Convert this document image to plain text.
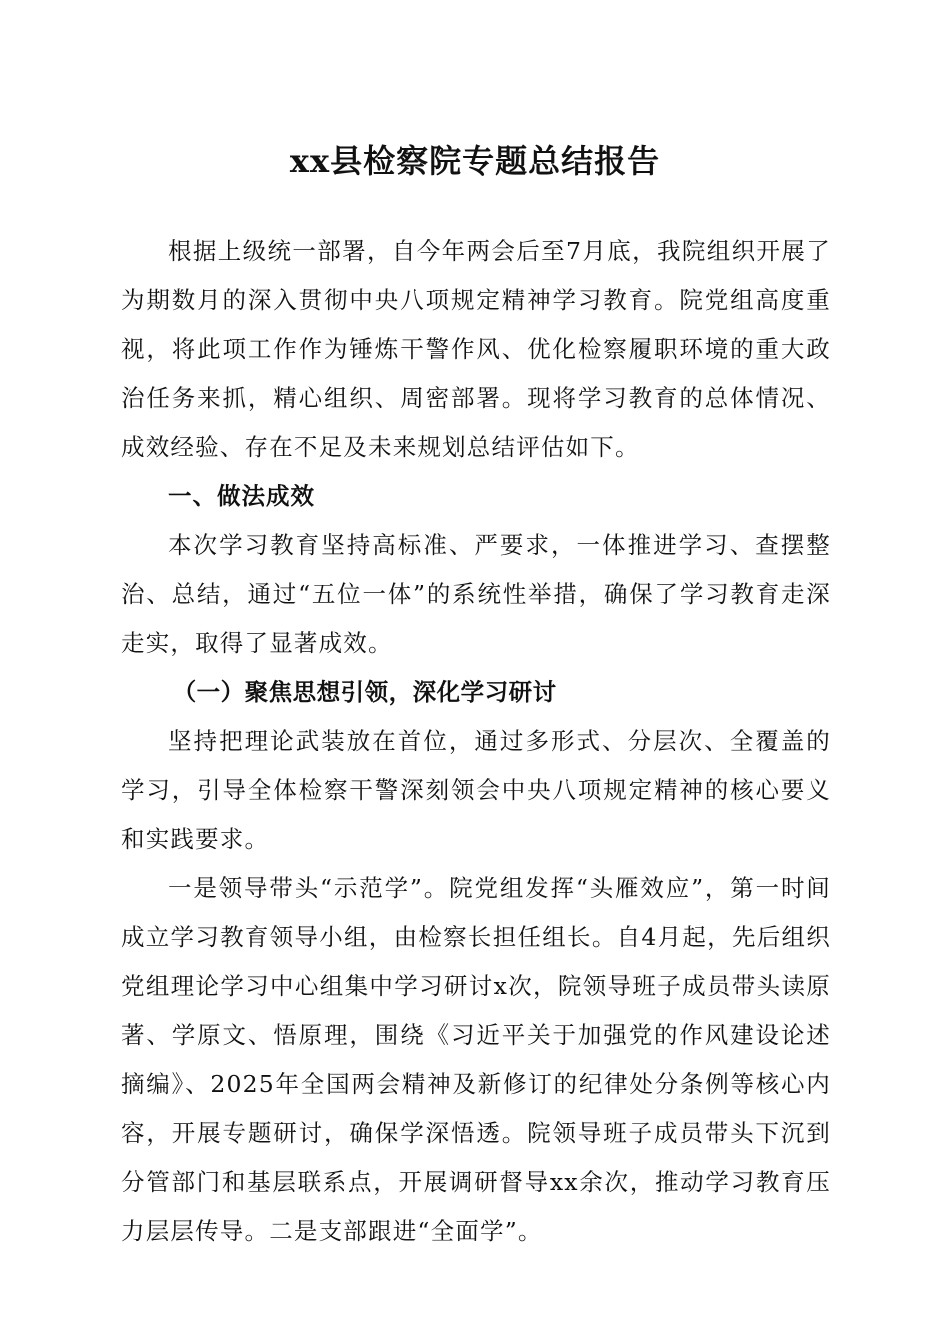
xx县检察院专题总结报告

根据上级统一部署，自今年两会后至7月底，我院组织开展了为期数月的深入贯彻中央八项规定精神学习教育。院党组高度重视，将此项工作作为锤炼干警作风、优化检察履职环境的重大政治任务来抓，精心组织、周密部署。现将学习教育的总体情况、成效经验、存在不足及未来规划总结评估如下。

一、做法成效

本次学习教育坚持高标准、严要求，一体推进学习、查摆整治、总结，通过“五位一体”的系统性举措，确保了学习教育走深走实，取得了显著成效。

（一）聚焦思想引领，深化学习研讨

坚持把理论武装放在首位，通过多形式、分层次、全覆盖的学习，引导全体检察干警深刻领会中央八项规定精神的核心要义和实践要求。

一是领导带头“示范学”。院党组发挥“头雁效应”，第一时间成立学习教育领导小组，由检察长担任组长。自4月起，先后组织党组理论学习中心组集中学习研讨x次，院领导班子成员带头读原著、学原文、悟原理，围绕《习近平关于加强党的作风建设论述摘编》、2025年全国两会精神及新修订的纪律处分条例等核心内容，开展专题研讨，确保学深悟透。院领导班子成员带头下沉到分管部门和基层联系点，开展调研督导xx余次，推动学习教育压力层层传导。二是支部跟进“全面学”。
